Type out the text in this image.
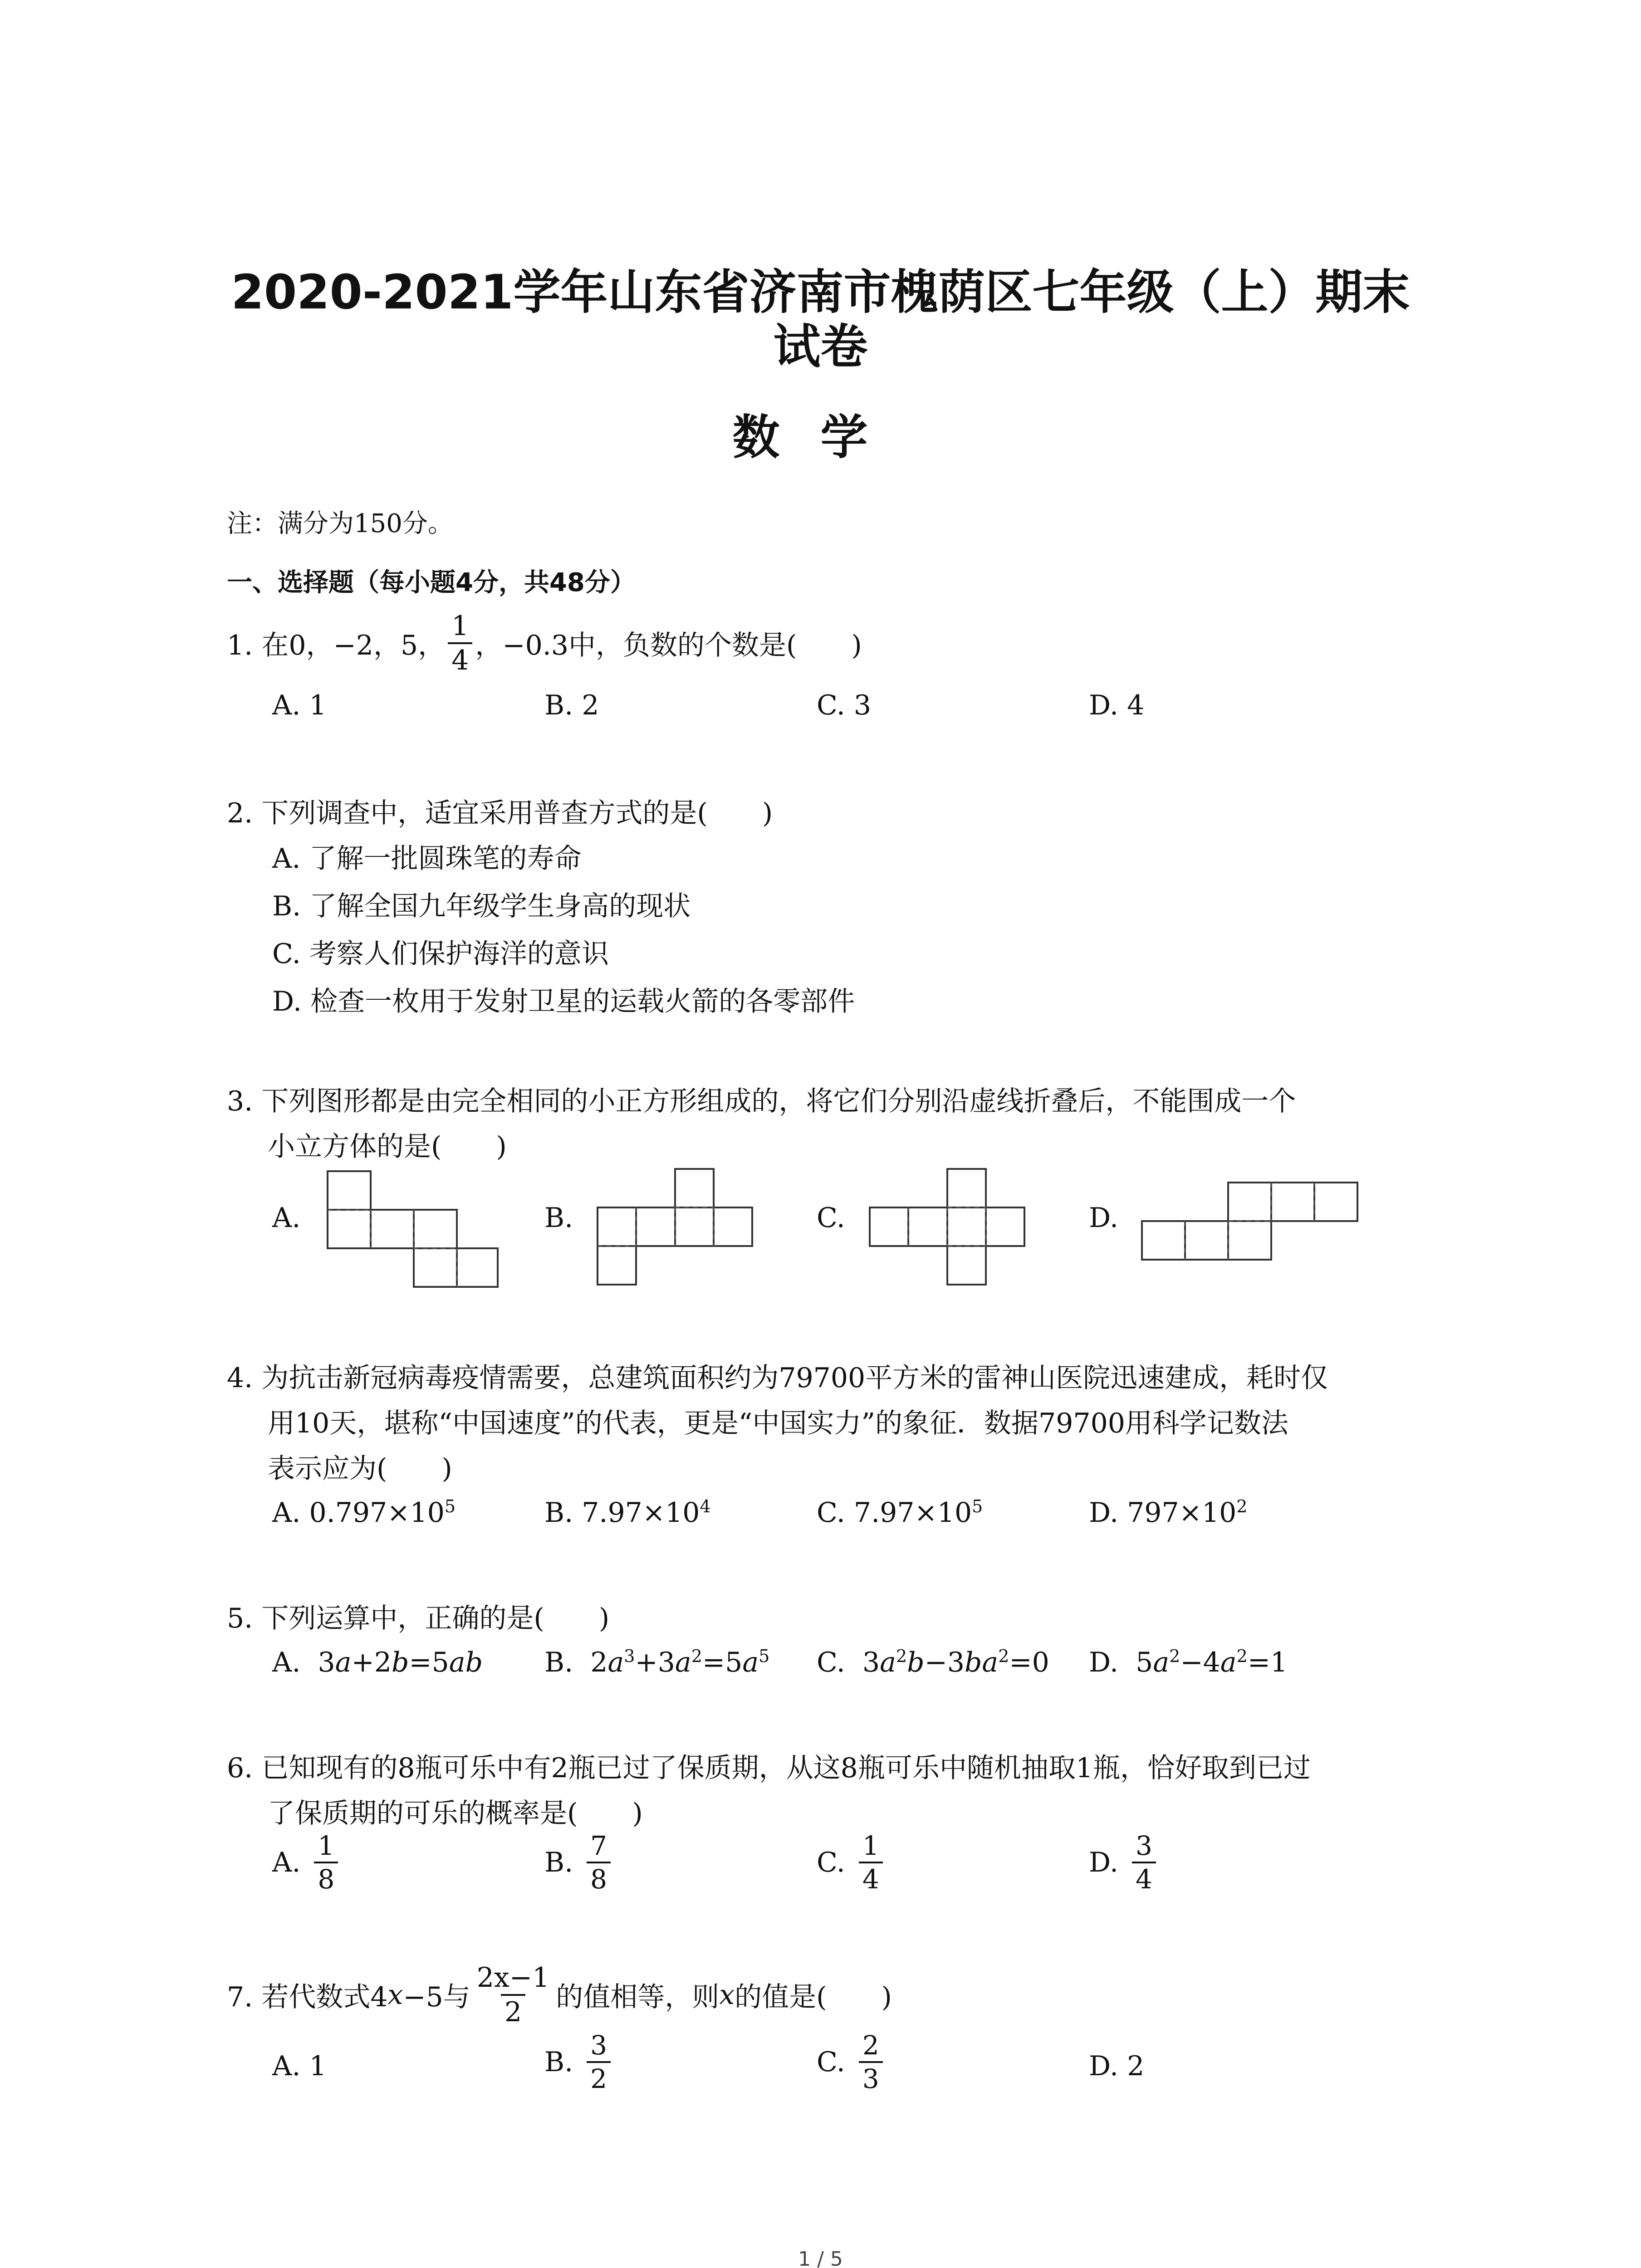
2020-2021学年山东省济南市槐荫区七年级（上）期末
试卷
数学
注：满分为150分。
一、选择题（每小题4分，共48分）
1. 在0，−2，5， $\frac{1}{4}$ ，−0.3中，负数的个数是(　　)
A. 1	B. 2	C. 3	D. 4
2. 下列调查中，适宜采用普查方式的是(　　)
A. 了解一批圆珠笔的寿命
B. 了解全国九年级学生身高的现状
C. 考察人们保护海洋的意识
D. 检查一枚用于发射卫星的运载火箭的各零部件
3. 下列图形都是由完全相同的小正方形组成的，将它们分别沿虚线折叠后，不能围成一个
小立方体的是(　　)
A.	B.	C.	D.
4. 为抗击新冠病毒疫情需要，总建筑面积约为79700平方米的雷神山医院迅速建成，耗时仅
用10天，堪称“中国速度”的代表，更是“中国实力”的象征．数据79700用科学记数法
表示应为(　　)
A. $0.797\times 10^5$	B. $7.97\times 10^4$	C. $7.97\times 10^5$	D. $797\times 10^2$
5. 下列运算中，正确的是(　　)
A.  3a+2b=5ab B.  $2a^3+3a^2=5a^5$ C.  $3a^2b-3ba^2=0$ D.  $5a^2-4a^2=1$
6. 已知现有的8瓶可乐中有2瓶已过了保质期，从这8瓶可乐中随机抽取1瓶，恰好取到已过
了保质期的可乐的概率是(　　)
A. $\frac{1}{8}$	B. $\frac{7}{8}$	C. $\frac{1}{4}$	D. $\frac{3}{4}$
7. 若代数式4 x −5与 $\frac{2x-1}{2}$ 的值相等，则 x 的值是(　　)
A. 1	B. $\frac{3}{2}$	C. $\frac{2}{3}$	D. 2
1 / 5
